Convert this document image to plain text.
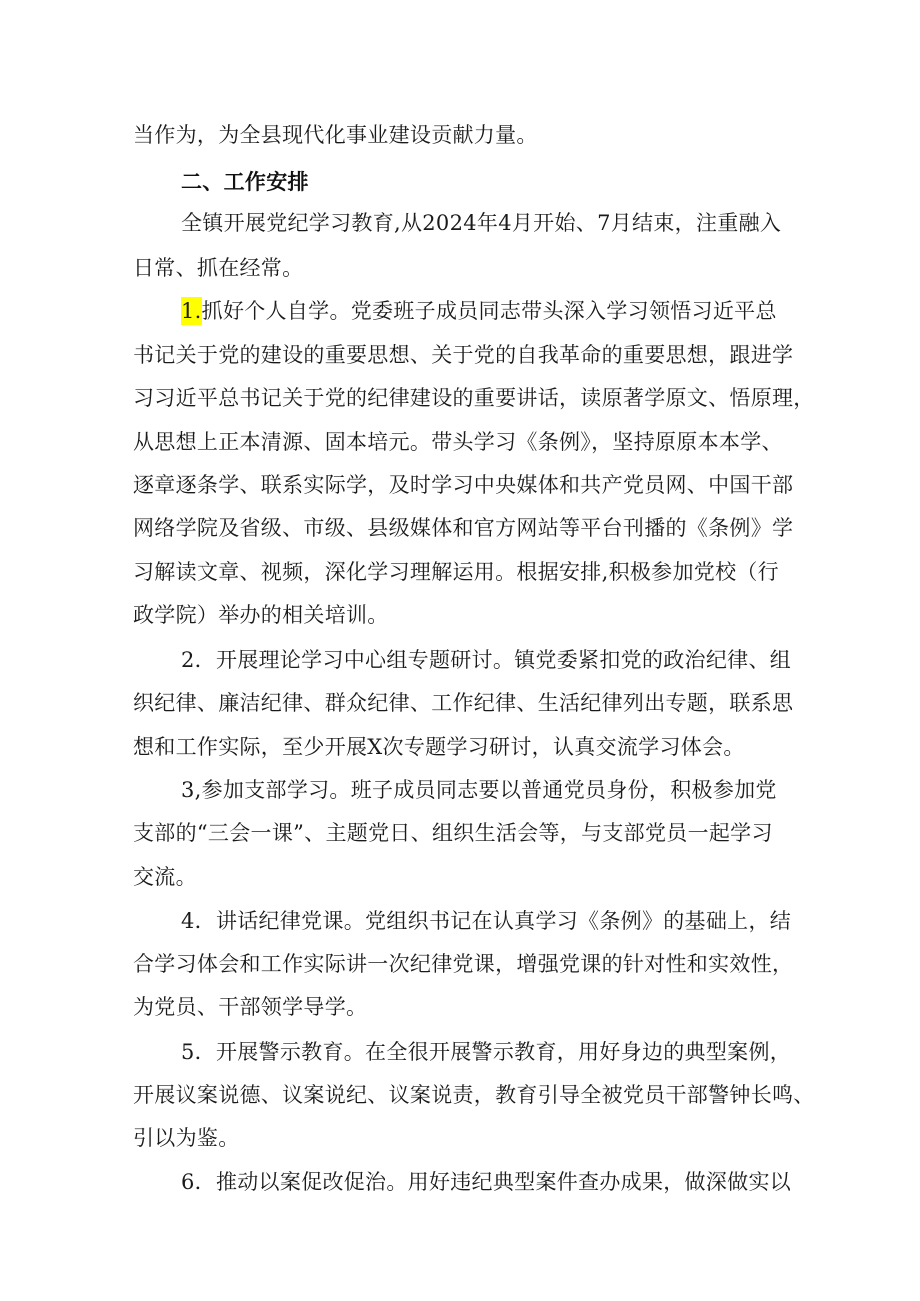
当作为，为全县现代化事业建设贡献力量。
二、工作安排
全镇开展党纪学习教育,从2024年4月开始、7月结束，注重融入
日常、抓在经常。
1.抓好个人自学。党委班子成员同志带头深入学习领悟习近平总
书记关于党的建设的重要思想、关于党的自我革命的重要思想，跟进学
习习近平总书记关于党的纪律建设的重要讲话，读原著学原文、悟原理，
从思想上正本清源、固本培元。带头学习《条例》，坚持原原本本学、
逐章逐条学、联系实际学，及时学习中央媒体和共产党员网、中国干部
网络学院及省级、市级、县级媒体和官方网站等平台刊播的《条例》学
习解读文章、视频，深化学习理解运用。根据安排,积极参加党校（行
政学院）举办的相关培训。
2．开展理论学习中心组专题研讨。镇党委紧扣党的政治纪律、组
织纪律、廉洁纪律、群众纪律、工作纪律、生活纪律列出专题，联系思
想和工作实际，至少开展X次专题学习研讨，认真交流学习体会。
3,参加支部学习。班子成员同志要以普通党员身份，积极参加党
支部的“三会一课”、主题党日、组织生活会等，与支部党员一起学习
交流。
4．讲话纪律党课。党组织书记在认真学习《条例》的基础上，结
合学习体会和工作实际讲一次纪律党课，增强党课的针对性和实效性，
为党员、干部领学导学。
5．开展警示教育。在全很开展警示教育，用好身边的典型案例，
开展议案说德、议案说纪、议案说责，教育引导全被党员干部警钟长鸣、
引以为鉴。
6．推动以案促改促治。用好违纪典型案件查办成果，做深做实以
